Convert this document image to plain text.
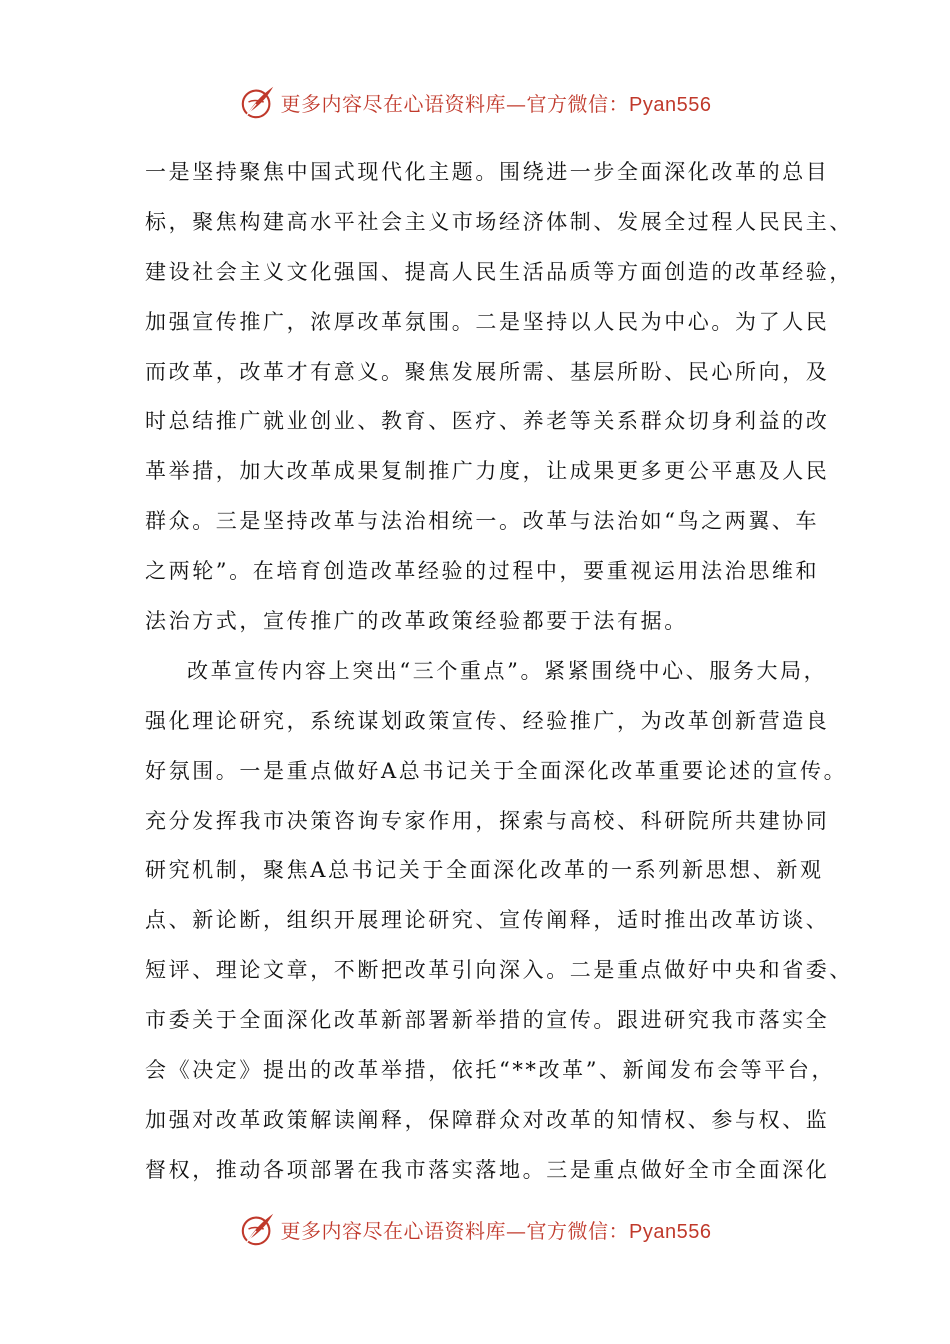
更多内容尽在心语资料库—官方微信：Pyan556
一是坚持聚焦中国式现代化主题。围绕进一步全面深化改革的总目
标，聚焦构建高水平社会主义市场经济体制、发展全过程人民民主、
建设社会主义文化强国、提高人民生活品质等方面创造的改革经验，
加强宣传推广，浓厚改革氛围。二是坚持以人民为中心。为了人民
而改革，改革才有意义。聚焦发展所需、基层所盼、民心所向，及
时总结推广就业创业、教育、医疗、养老等关系群众切身利益的改
革举措，加大改革成果复制推广力度，让成果更多更公平惠及人民
群众。三是坚持改革与法治相统一。改革与法治如“鸟之两翼、车
之两轮”。在培育创造改革经验的过程中，要重视运用法治思维和
法治方式，宣传推广的改革政策经验都要于法有据。
改革宣传内容上突出“三个重点”。紧紧围绕中心、服务大局，
强化理论研究，系统谋划政策宣传、经验推广，为改革创新营造良
好氛围。一是重点做好A总书记关于全面深化改革重要论述的宣传。
充分发挥我市决策咨询专家作用，探索与高校、科研院所共建协同
研究机制，聚焦A总书记关于全面深化改革的一系列新思想、新观
点、新论断，组织开展理论研究、宣传阐释，适时推出改革访谈、
短评、理论文章，不断把改革引向深入。二是重点做好中央和省委、
市委关于全面深化改革新部署新举措的宣传。跟进研究我市落实全
会《决定》提出的改革举措，依托“**改革”、新闻发布会等平台，
加强对改革政策解读阐释，保障群众对改革的知情权、参与权、监
督权，推动各项部署在我市落实落地。三是重点做好全市全面深化
更多内容尽在心语资料库—官方微信：Pyan556
